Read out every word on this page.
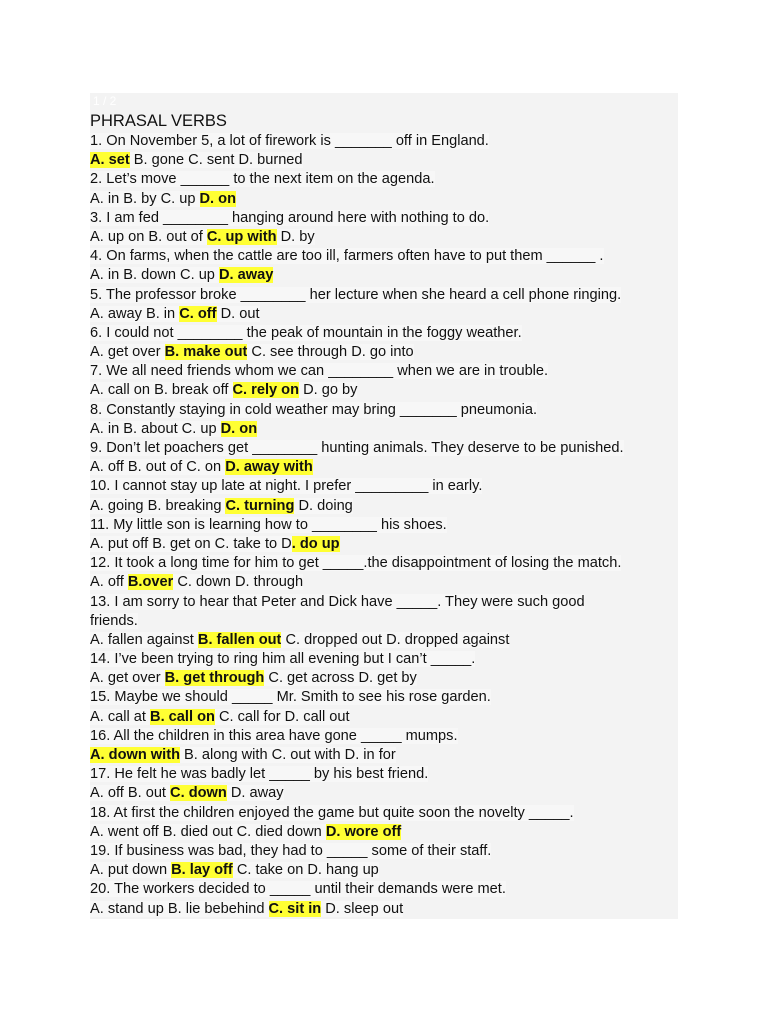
1 / 2
PHRASAL VERBS
1. On November 5, a lot of firework is _______ off in England.
A. set B. gone C. sent D. burned
2. Let’s move ______ to the next item on the agenda.
A. in B. by C. up D. on
3. I am fed ________ hanging around here with nothing to do.
A. up on B. out of C. up with D. by
4. On farms, when the cattle are too ill, farmers often have to put them ______ .
A. in B. down C. up D. away
5. The professor broke ________ her lecture when she heard a cell phone ringing.
A. away B. in C. off D. out
6. I could not ________ the peak of mountain in the foggy weather.
A. get over B. make out C. see through D. go into
7. We all need friends whom we can ________ when we are in trouble.
A. call on B. break off C. rely on D. go by
8. Constantly staying in cold weather may bring _______ pneumonia.
A. in B. about C. up D. on
9. Don’t let poachers get ________ hunting animals. They deserve to be punished.
A. off B. out of C. on D. away with
10. I cannot stay up late at night. I prefer _________ in early.
A. going B. breaking C. turning D. doing
11. My little son is learning how to ________ his shoes.
A. put off B. get on C. take to D. do up
12. It took a long time for him to get _____.the disappointment of losing the match.
A. off B.over C. down D. through
13. I am sorry to hear that Peter and Dick have _____. They were such good
friends.
A. fallen against B. fallen out C. dropped out D. dropped against
14. I’ve been trying to ring him all evening but I can’t _____.
A. get over B. get through C. get across D. get by
15. Maybe we should _____ Mr. Smith to see his rose garden.
A. call at B. call on C. call for D. call out
16. All the children in this area have gone _____ mumps.
A. down with B. along with C. out with D. in for
17. He felt he was badly let _____ by his best friend.
A. off B. out C. down D. away
18. At first the children enjoyed the game but quite soon the novelty _____.
A. went off B. died out C. died down D. wore off
19. If business was bad, they had to _____ some of their staff.
A. put down B. lay off C. take on D. hang up
20. The workers decided to _____ until their demands were met.
A. stand up B. lie bebehind C. sit in D. sleep out
